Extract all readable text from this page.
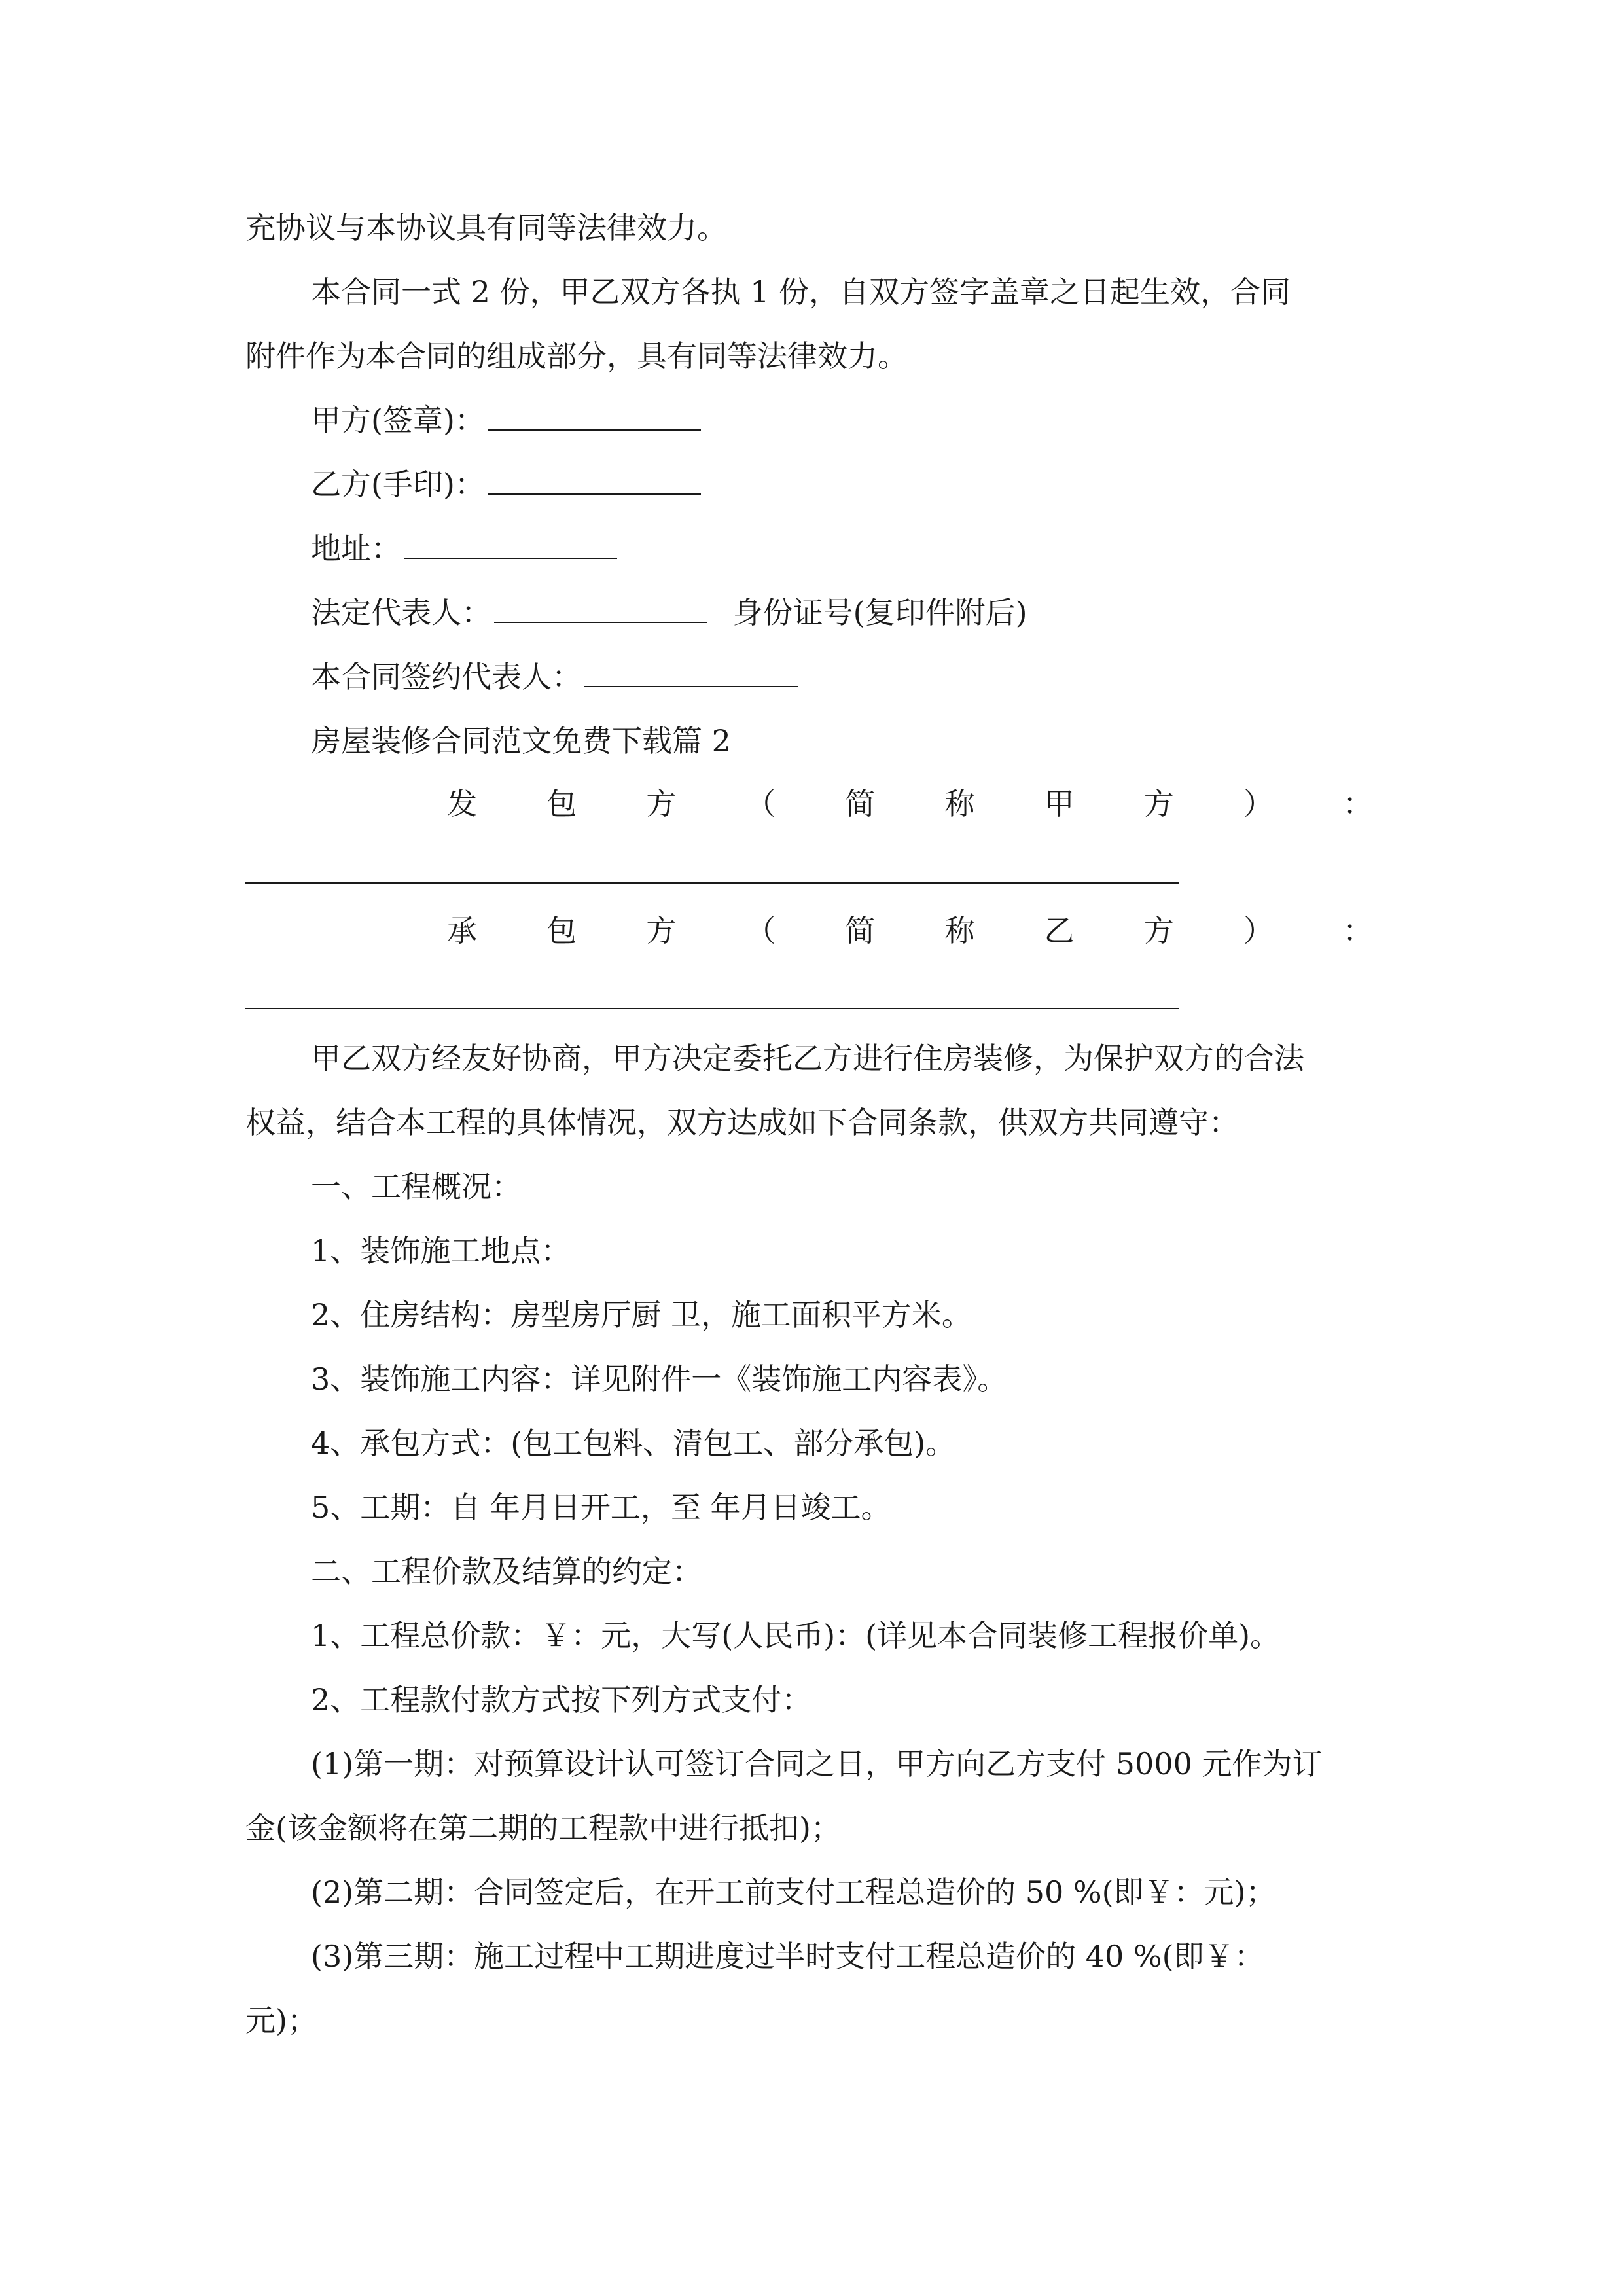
充协议与本协议具有同等法律效力。
本合同一式 2 份，甲乙双方各执 1 份，自双方签字盖章之日起生效，合同
附件作为本合同的组成部分，具有同等法律效力。
甲方(签章)：
乙方(手印)：
地址：
法定代表人：	身份证号(复印件附后)
本合同签约代表人：
房屋装修合同范文免费下载篇 2
发 包 方 （ 简 称 甲 方 ） ：
承 包 方 （ 简 称 乙 方 ） ：
甲乙双方经友好协商，甲方决定委托乙方进行住房装修，为保护双方的合法
权益，结合本工程的具体情况，双方达成如下合同条款，供双方共同遵守：
一、工程概况：
1、装饰施工地点：
2、住房结构：房型房厅厨 卫，施工面积平方米。
3、装饰施工内容：详见附件一《装饰施工内容表》。
4、承包方式：(包工包料、清包工、部分承包)。
5、工期：自 年月日开工，至 年月日竣工。
二、工程价款及结算的约定：
1、工程总价款：￥：元，大写(人民币)：(详见本合同装修工程报价单)。
2、工程款付款方式按下列方式支付：
(1)第一期：对预算设计认可签订合同之日，甲方向乙方支付 5000 元作为订
金(该金额将在第二期的工程款中进行抵扣)；
(2)第二期：合同签定后，在开工前支付工程总造价的 50 %(即￥：元)；
(3)第三期：施工过程中工期进度过半时支付工程总造价的 40 %(即￥：
元)；
